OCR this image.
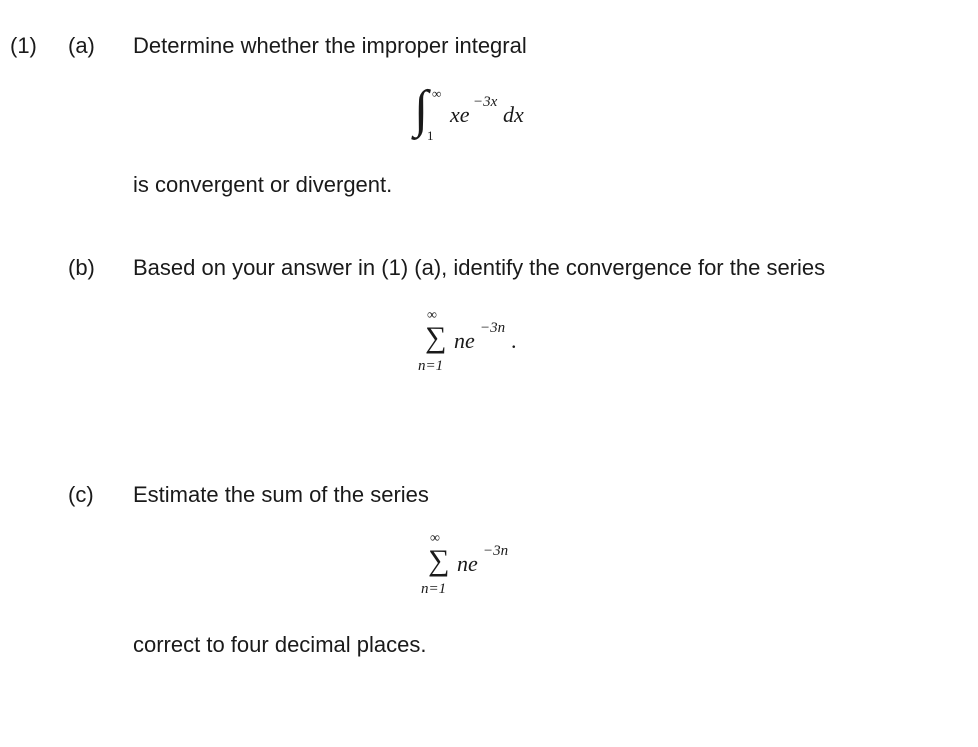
(1) (a) Determine whether the improper integral
∫ ∞
1
xe −3x dx
is convergent or divergent.
(b) Based on your answer in (1) (a), identify the convergence for the series
∞
∑
n=1
ne −3n .
(c) Estimate the sum of the series
∞
∑
n=1
ne −3n
correct to four decimal places.
